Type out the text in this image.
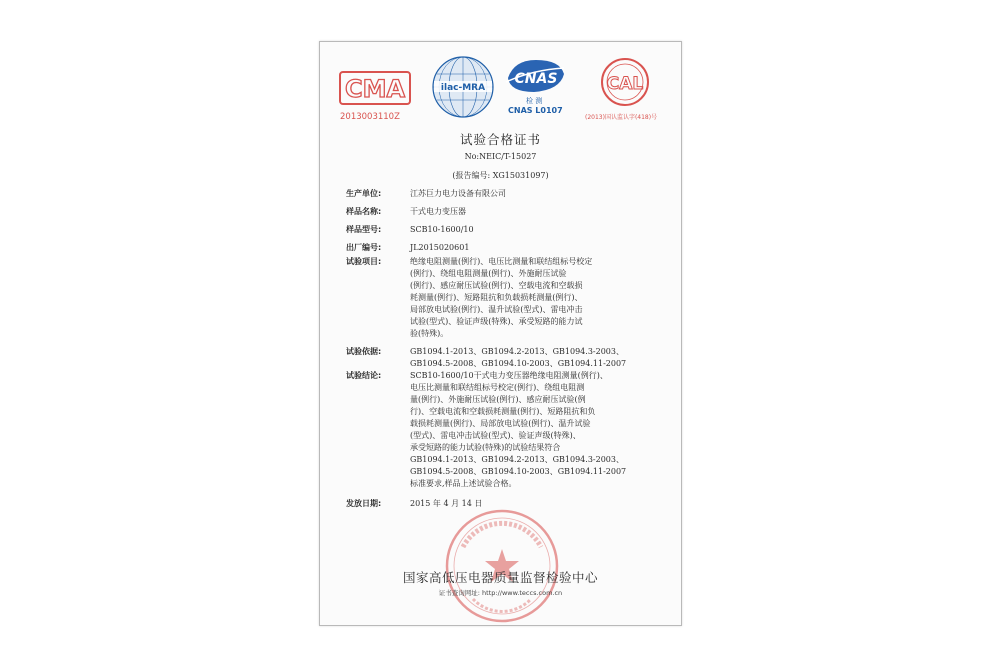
CMA
2013003110Z
ilac-MRA
CNAS
检 测
CNAS L0107
CAL
(2013)国认监认字(418)号
试验合格证书
No:NEIC/T-15027
(报告编号: XG15031097)
生产单位:	江苏巨力电力设备有限公司
样品名称:	干式电力变压器
样品型号:	SCB10-1600/10
出厂编号:	JL2015020601
试验项目:	绝缘电阻测量(例行)、电压比测量和联结组标号校定
(例行)、绕组电阻测量(例行)、外施耐压试验
(例行)、感应耐压试验(例行)、空载电流和空载损
耗测量(例行)、短路阻抗和负载损耗测量(例行)、
局部放电试验(例行)、温升试验(型式)、雷电冲击
试验(型式)、验证声级(特殊)、承受短路的能力试
验(特殊)。
试验依据:	GB1094.1-2013、GB1094.2-2013、GB1094.3-2003、
GB1094.5-2008、GB1094.10-2003、GB1094.11-2007
试验结论:	SCB10-1600/10干式电力变压器绝缘电阻测量(例行)、
电压比测量和联结组标号校定(例行)、绕组电阻测
量(例行)、外施耐压试验(例行)、感应耐压试验(例
行)、空载电流和空载损耗测量(例行)、短路阻抗和负
载损耗测量(例行)、局部放电试验(例行)、温升试验
(型式)、雷电冲击试验(型式)、验证声级(特殊)、
承受短路的能力试验(特殊)的试验结果符合
GB1094.1-2013、GB1094.2-2013、GB1094.3-2003、
GB1094.5-2008、GB1094.10-2003、GB1094.11-2007
标准要求,样品上述试验合格。
发放日期:	2015 年 4 月 14 日
国家高低压电器质量监督检验中心
证书查询网址: http://www.teccs.com.cn
